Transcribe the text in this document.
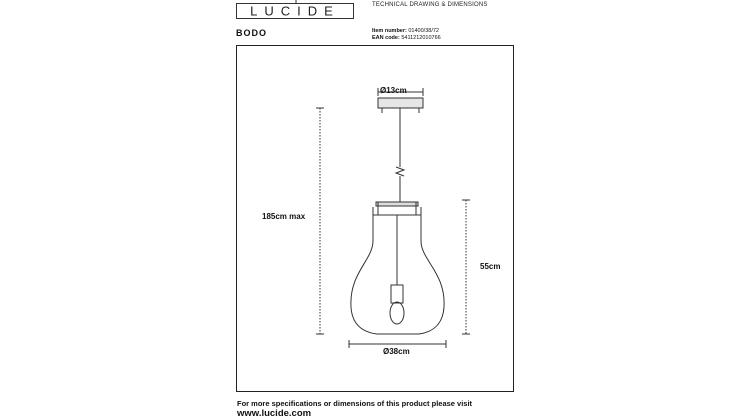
LUCIDE	TECHNICAL DRAWING & DIMENSIONS
BODO	Item number: 01400/38/72
EAN code: 5411212010766
Ø13cm
185cm max
55cm
Ø38cm
For more specifications or dimensions of this product please visit
www.lucide.com
